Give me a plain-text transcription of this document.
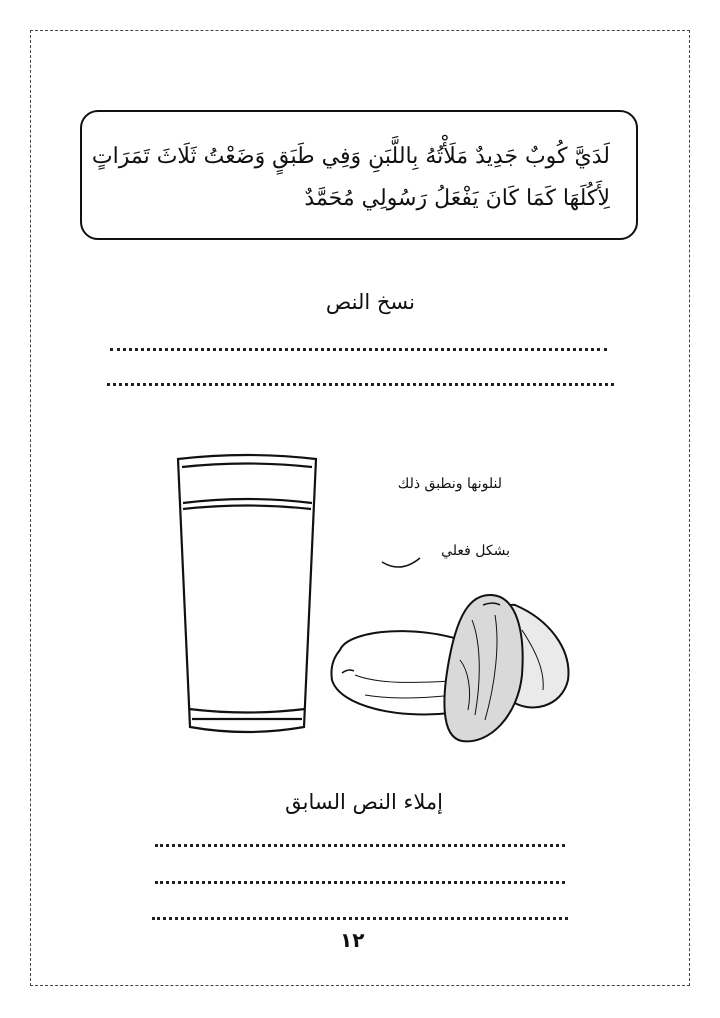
لَدَيَّ كُوبٌ جَدِيدٌ مَلَأْتُهُ بِاللَّبَنِ وَفِي طَبَقٍ وَضَعْتُ ثَلَاثَ تَمَرَاتٍ
لِأَكُلَهَا كَمَا كَانَ يَفْعَلُ رَسُولِي مُحَمَّدٌ
نسخ النص
لنلونها ونطبق ذلك
بشكل فعلي
إملاء النص السابق
١٢
